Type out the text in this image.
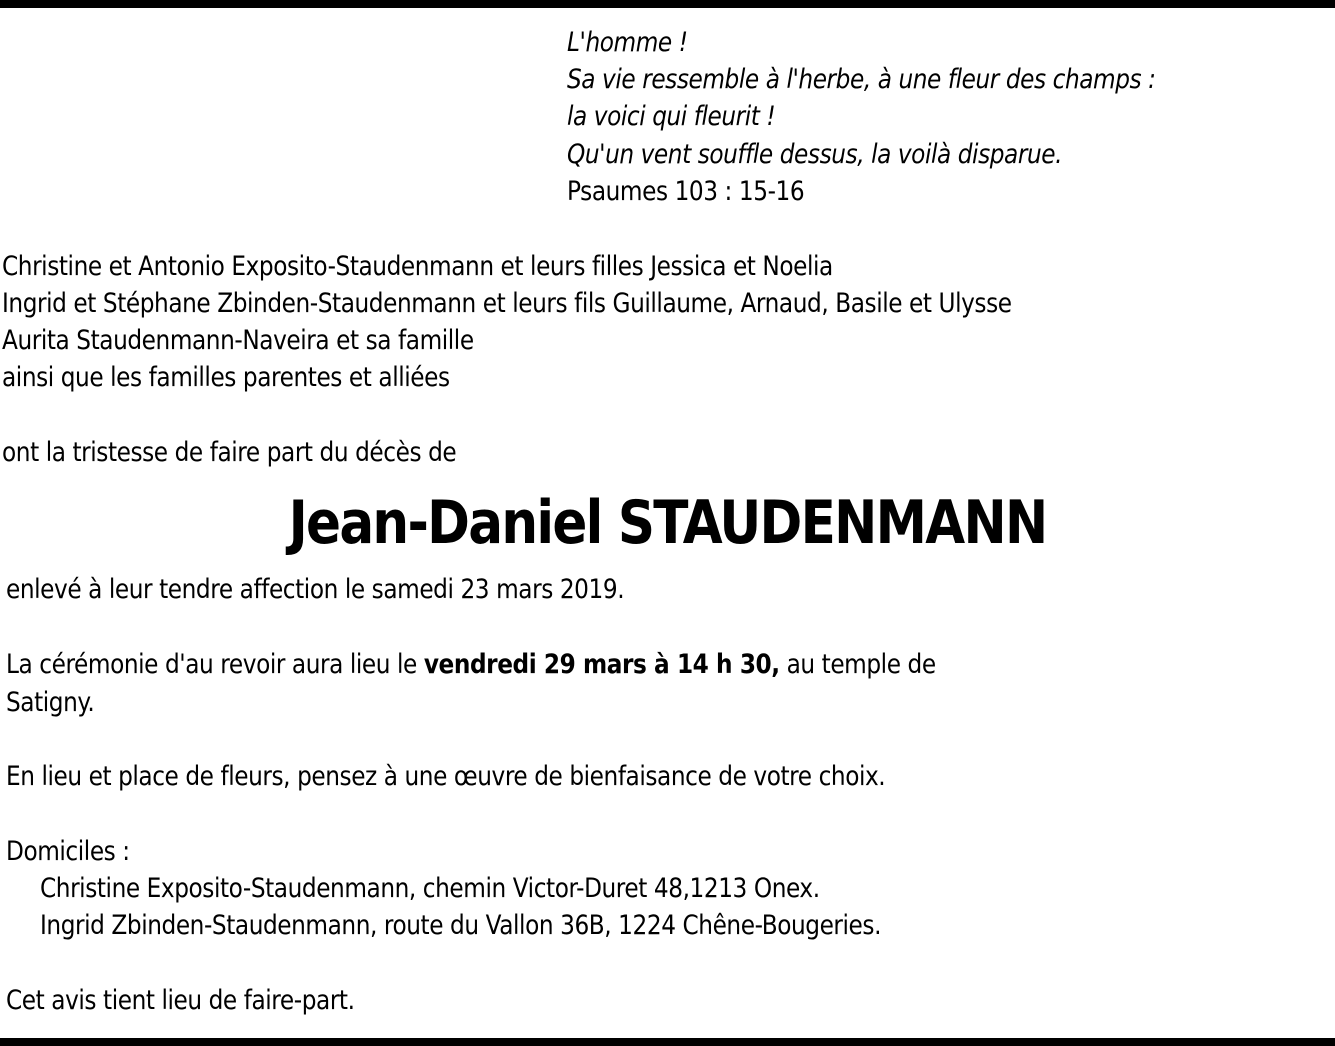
L'homme !
Sa vie ressemble à l'herbe, à une fleur des champs :
la voici qui fleurit !
Qu'un vent souffle dessus, la voilà disparue.
Psaumes 103 : 15-16
Christine et Antonio Exposito-Staudenmann et leurs filles Jessica et Noelia
Ingrid et Stéphane Zbinden-Staudenmann et leurs fils Guillaume, Arnaud, Basile et Ulysse
Aurita Staudenmann-Naveira et sa famille
ainsi que les familles parentes et alliées
ont la tristesse de faire part du décès de
Jean-Daniel STAUDENMANN
enlevé à leur tendre affection le samedi 23 mars 2019.
La cérémonie d'au revoir aura lieu le vendredi 29 mars à 14 h 30, au temple de
Satigny.
En lieu et place de fleurs, pensez à une œuvre de bienfaisance de votre choix.
Domiciles :
Christine Exposito-Staudenmann, chemin Victor-Duret 48,1213 Onex.
Ingrid Zbinden-Staudenmann, route du Vallon 36B, 1224 Chêne-Bougeries.
Cet avis tient lieu de faire-part.
